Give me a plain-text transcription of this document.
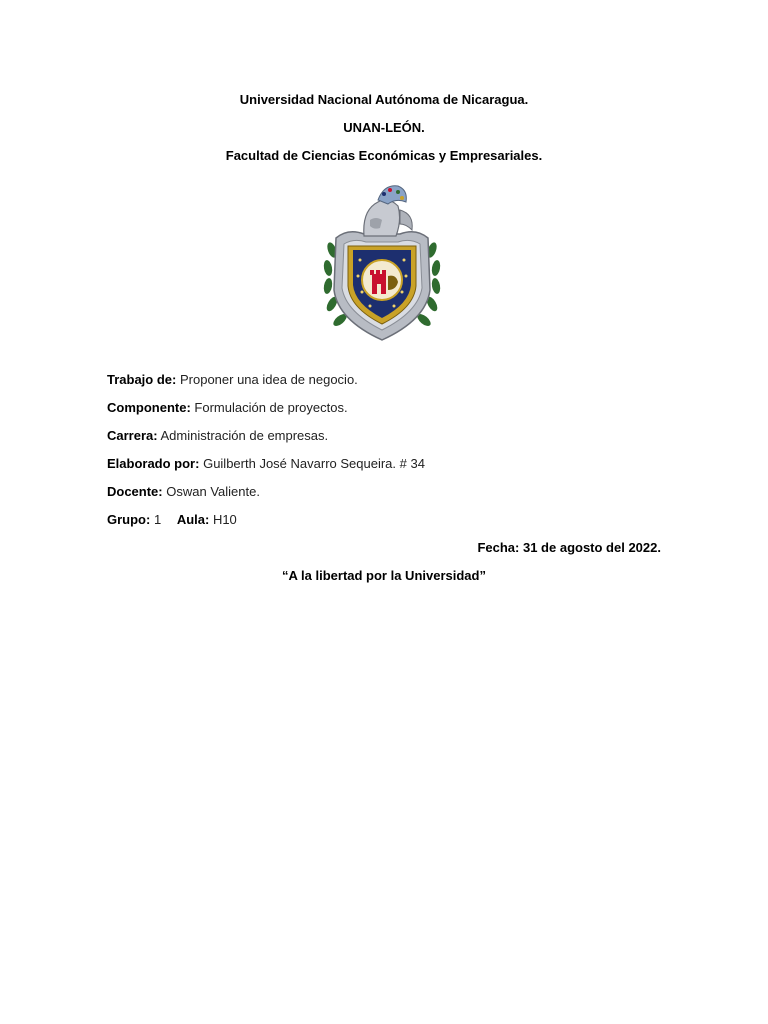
Universidad Nacional Autónoma de Nicaragua.
UNAN-LEÓN.
Facultad de Ciencias Económicas y Empresariales.
Trabajo de: Proponer una idea de negocio.
Componente: Formulación de proyectos.
Carrera: Administración de empresas.
Elaborado por: Guilberth José Navarro Sequeira. # 34
Docente: Oswan Valiente.
Grupo: 1 Aula: H10
Fecha: 31 de agosto del 2022.
“A la libertad por la Universidad”
